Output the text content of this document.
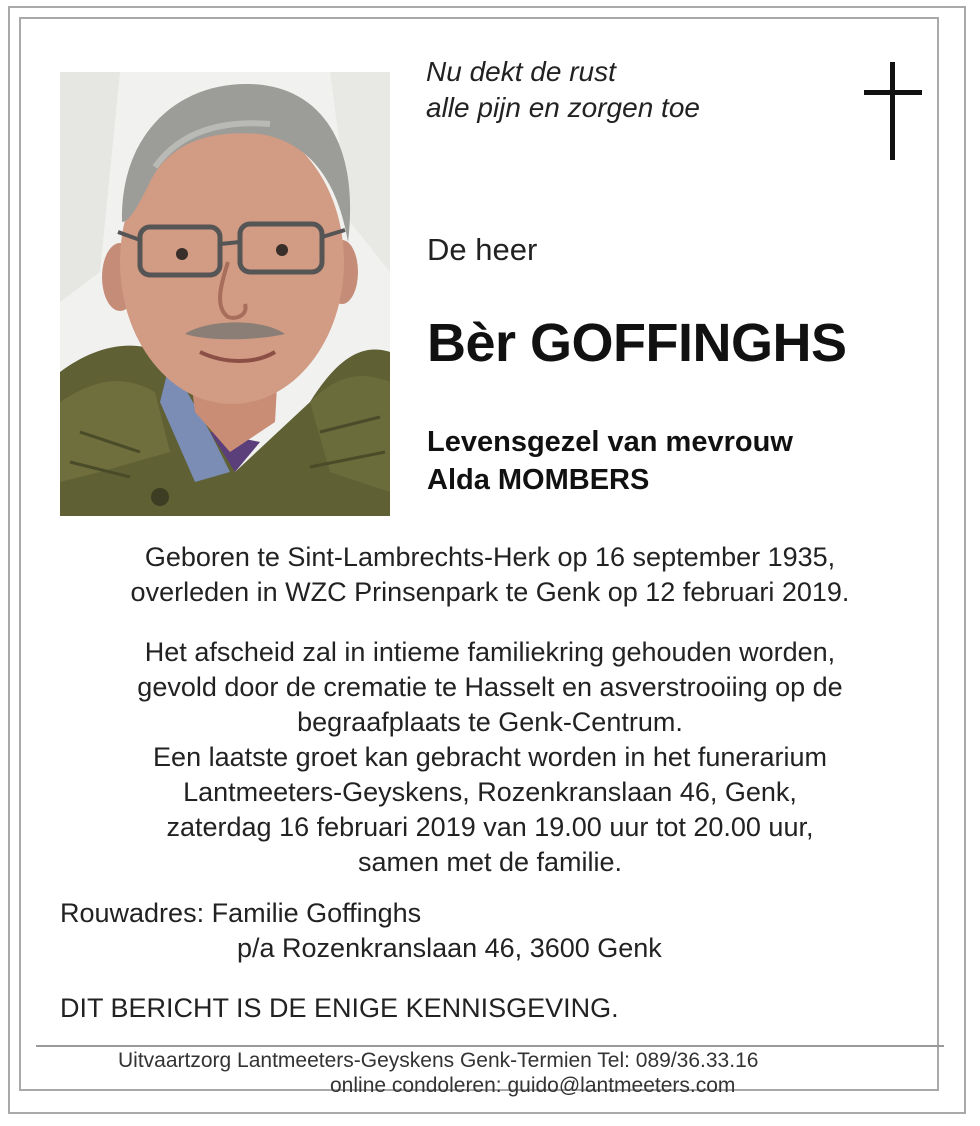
Nu dekt de rust
alle pijn en zorgen toe
De heer
Bèr GOFFINGHS
Levensgezel van mevrouw
Alda MOMBERS
Geboren te Sint-Lambrechts-Herk op 16 september 1935,
overleden in WZC Prinsenpark te Genk op 12 februari 2019.
Het afscheid zal in intieme familiekring gehouden worden,
gevold door de crematie te Hasselt en asverstrooiing op de
begraafplaats te Genk-Centrum.
Een laatste groet kan gebracht worden in het funerarium
Lantmeeters-Geyskens, Rozenkranslaan 46, Genk,
zaterdag 16 februari 2019 van 19.00 uur tot 20.00 uur,
samen met de familie.
Rouwadres: Familie Goffinghs
p/a Rozenkranslaan 46, 3600 Genk
DIT BERICHT IS DE ENIGE KENNISGEVING.
Uitvaartzorg Lantmeeters-Geyskens Genk-Termien Tel: 089/36.33.16
online condoleren: guido@lantmeeters.com
